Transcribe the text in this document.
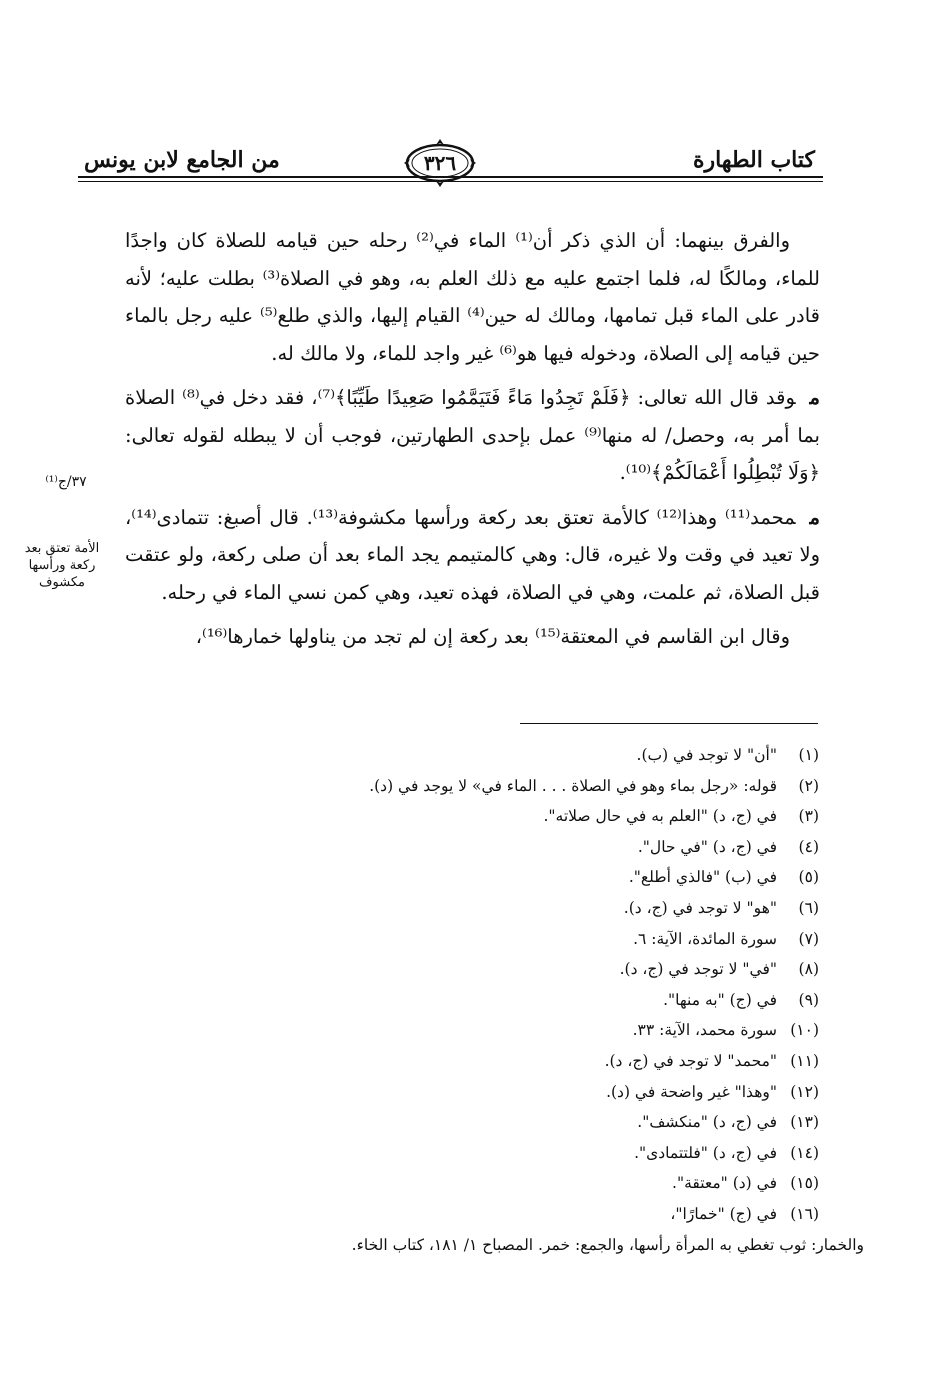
كتاب الطهارة
٣٢٦
من الجامع لابن يونس

والفرق بينهما: أن الذي ذكر أن⁽¹⁾ الماء في⁽²⁾ رحله حين قيامه للصلاة كان واجدًا للماء، ومالكًا له، فلما اجتمع عليه مع ذلك العلم به، وهو في الصلاة⁽³⁾ بطلت عليه؛ لأنه قادر على الماء قبل تمامها، ومالك له حين⁽⁴⁾ القيام إليها، والذي طلع⁽⁵⁾ عليه رجل بالماء حين قيامه إلى الصلاة، ودخوله فيها هو⁽⁶⁾ غير واجد للماء، ولا مالك له.

موقد قال الله تعالى: ﴿فَلَمْ تَجِدُوا مَاءً فَتَيَمَّمُوا صَعِيدًا طَيِّبًا﴾⁽⁷⁾، فقد دخل في⁽⁸⁾ الصلاة بما أمر به، وحصل/ له منها⁽⁹⁾ عمل بإحدى الطهارتين، فوجب أن لا يبطله لقوله تعالى: ﴿وَلَا تُبْطِلُوا أَعْمَالَكُمْ﴾⁽¹⁰⁾.

ممحمد⁽¹¹⁾ وهذا⁽¹²⁾ كالأمة تعتق بعد ركعة ورأسها مكشوفة⁽¹³⁾. قال أصبغ: تتمادى⁽¹⁴⁾، ولا تعيد في وقت ولا غيره، قال: وهي كالمتيمم يجد الماء بعد أن صلى ركعة، ولو عتقت قبل الصلاة، ثم علمت، وهي في الصلاة، فهذه تعيد، وهي كمن نسي الماء في رحله.

وقال ابن القاسم في المعتقة⁽¹⁵⁾ بعد ركعة إن لم تجد من يناولها خمارها⁽¹⁶⁾،

٣٧/ج⁽¹⁾
الأمة تعتق بعد ركعة ورأسها مكشوف
(١)"أن" لا توجد في (ب).
(٢)قوله: «رجل بماء وهو في الصلاة . . . الماء في» لا يوجد في (د).
(٣)في (ج، د) "العلم به في حال صلاته".
(٤)في (ج، د) "في حال".
(٥)في (ب) "فالذي أطلع".
(٦)"هو" لا توجد في (ج، د).
(٧)سورة المائدة، الآية: ٦.
(٨)"في" لا توجد في (ج، د).
(٩)في (ج) "به منها".
(١٠)سورة محمد، الآية: ٣٣.
(١١)"محمد" لا توجد في (ج، د).
(١٢)"وهذا" غير واضحة في (د).
(١٣)في (ج، د) "منكشف".
(١٤)في (ج، د) "فلتتمادى".
(١٥)في (د) "معتقة".
(١٦)في (ج) "خمارًا"،
والخمار: ثوب تغطي به المرأة رأسها، والجمع: خمر. المصباح ١/ ١٨١، كتاب الخاء.
